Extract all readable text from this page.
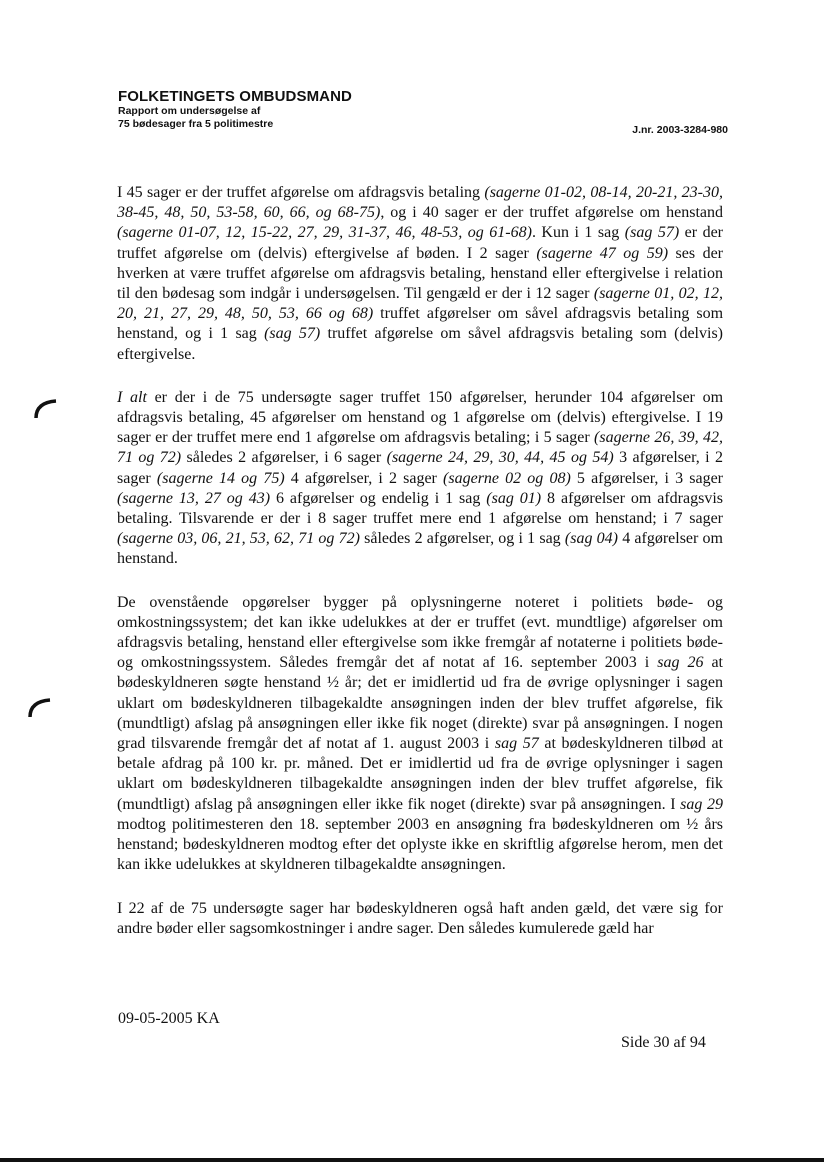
FOLKETINGETS OMBUDSMAND
Rapport om undersøgelse af
75 bødesager fra 5 politimestre	J.nr. 2003-3284-980

I 45 sager er der truffet afgørelse om afdragsvis betaling (sagerne 01-02, 08-14, 20-21, 23-30, 38-45, 48, 50, 53-58, 60, 66, og 68-75), og i 40 sager er der truffet afgørelse om henstand (sagerne 01-07, 12, 15-22, 27, 29, 31-37, 46, 48-53, og 61-68). Kun i 1 sag (sag 57) er der truffet afgørelse om (delvis) eftergivelse af bøden. I 2 sager (sagerne 47 og 59) ses der hverken at være truffet afgørelse om afdragsvis betaling, henstand eller eftergivelse i relation til den bødesag som indgår i undersøgelsen. Til gengæld er der i 12 sager (sagerne 01, 02, 12, 20, 21, 27, 29, 48, 50, 53, 66 og 68) truffet afgørelser om såvel afdragsvis betaling som henstand, og i 1 sag (sag 57) truffet afgørelse om såvel afdragsvis betaling som (delvis) eftergivelse.

I alt er der i de 75 undersøgte sager truffet 150 afgørelser, herunder 104 afgørelser om afdragsvis betaling, 45 afgørelser om henstand og 1 afgørelse om (delvis) eftergivelse. I 19 sager er der truffet mere end 1 afgørelse om afdragsvis betaling; i 5 sager (sagerne 26, 39, 42, 71 og 72) således 2 afgørelser, i 6 sager (sagerne 24, 29, 30, 44, 45 og 54) 3 afgørelser, i 2 sager (sagerne 14 og 75) 4 afgørelser, i 2 sager (sagerne 02 og 08) 5 afgørelser, i 3 sager (sagerne 13, 27 og 43) 6 afgørelser og endelig i 1 sag (sag 01) 8 afgørelser om afdragsvis betaling. Tilsvarende er der i 8 sager truffet mere end 1 afgørelse om henstand; i 7 sager (sagerne 03, 06, 21, 53, 62, 71 og 72) således 2 afgørelser, og i 1 sag (sag 04) 4 afgørelser om henstand.

De ovenstående opgørelser bygger på oplysningerne noteret i politiets bøde- og omkostningssystem; det kan ikke udelukkes at der er truffet (evt. mundtlige) afgørelser om afdragsvis betaling, henstand eller eftergivelse som ikke fremgår af notaterne i politiets bøde- og omkostningssystem. Således fremgår det af notat af 16. september 2003 i sag 26 at bødeskyldneren søgte henstand ½ år; det er imidlertid ud fra de øvrige oplysninger i sagen uklart om bødeskyldneren tilbagekaldte ansøgningen inden der blev truffet afgørelse, fik (mundtligt) afslag på ansøgningen eller ikke fik noget (direkte) svar på ansøgningen. I nogen grad tilsvarende fremgår det af notat af 1. august 2003 i sag 57 at bødeskyldneren tilbød at betale afdrag på 100 kr. pr. måned. Det er imidlertid ud fra de øvrige oplysninger i sagen uklart om bødeskyldneren tilbagekaldte ansøgningen inden der blev truffet afgørelse, fik (mundtligt) afslag på ansøgningen eller ikke fik noget (direkte) svar på ansøgningen. I sag 29 modtog politimesteren den 18. september 2003 en ansøgning fra bødeskyldneren om ½ års henstand; bødeskyldneren modtog efter det oplyste ikke en skriftlig afgørelse herom, men det kan ikke udelukkes at skyldneren tilbagekaldte ansøgningen.

I 22 af de 75 undersøgte sager har bødeskyldneren også haft anden gæld, det være sig for andre bøder eller sagsomkostninger i andre sager. Den således kumulerede gæld har

09-05-2005 KA
Side 30 af 94
